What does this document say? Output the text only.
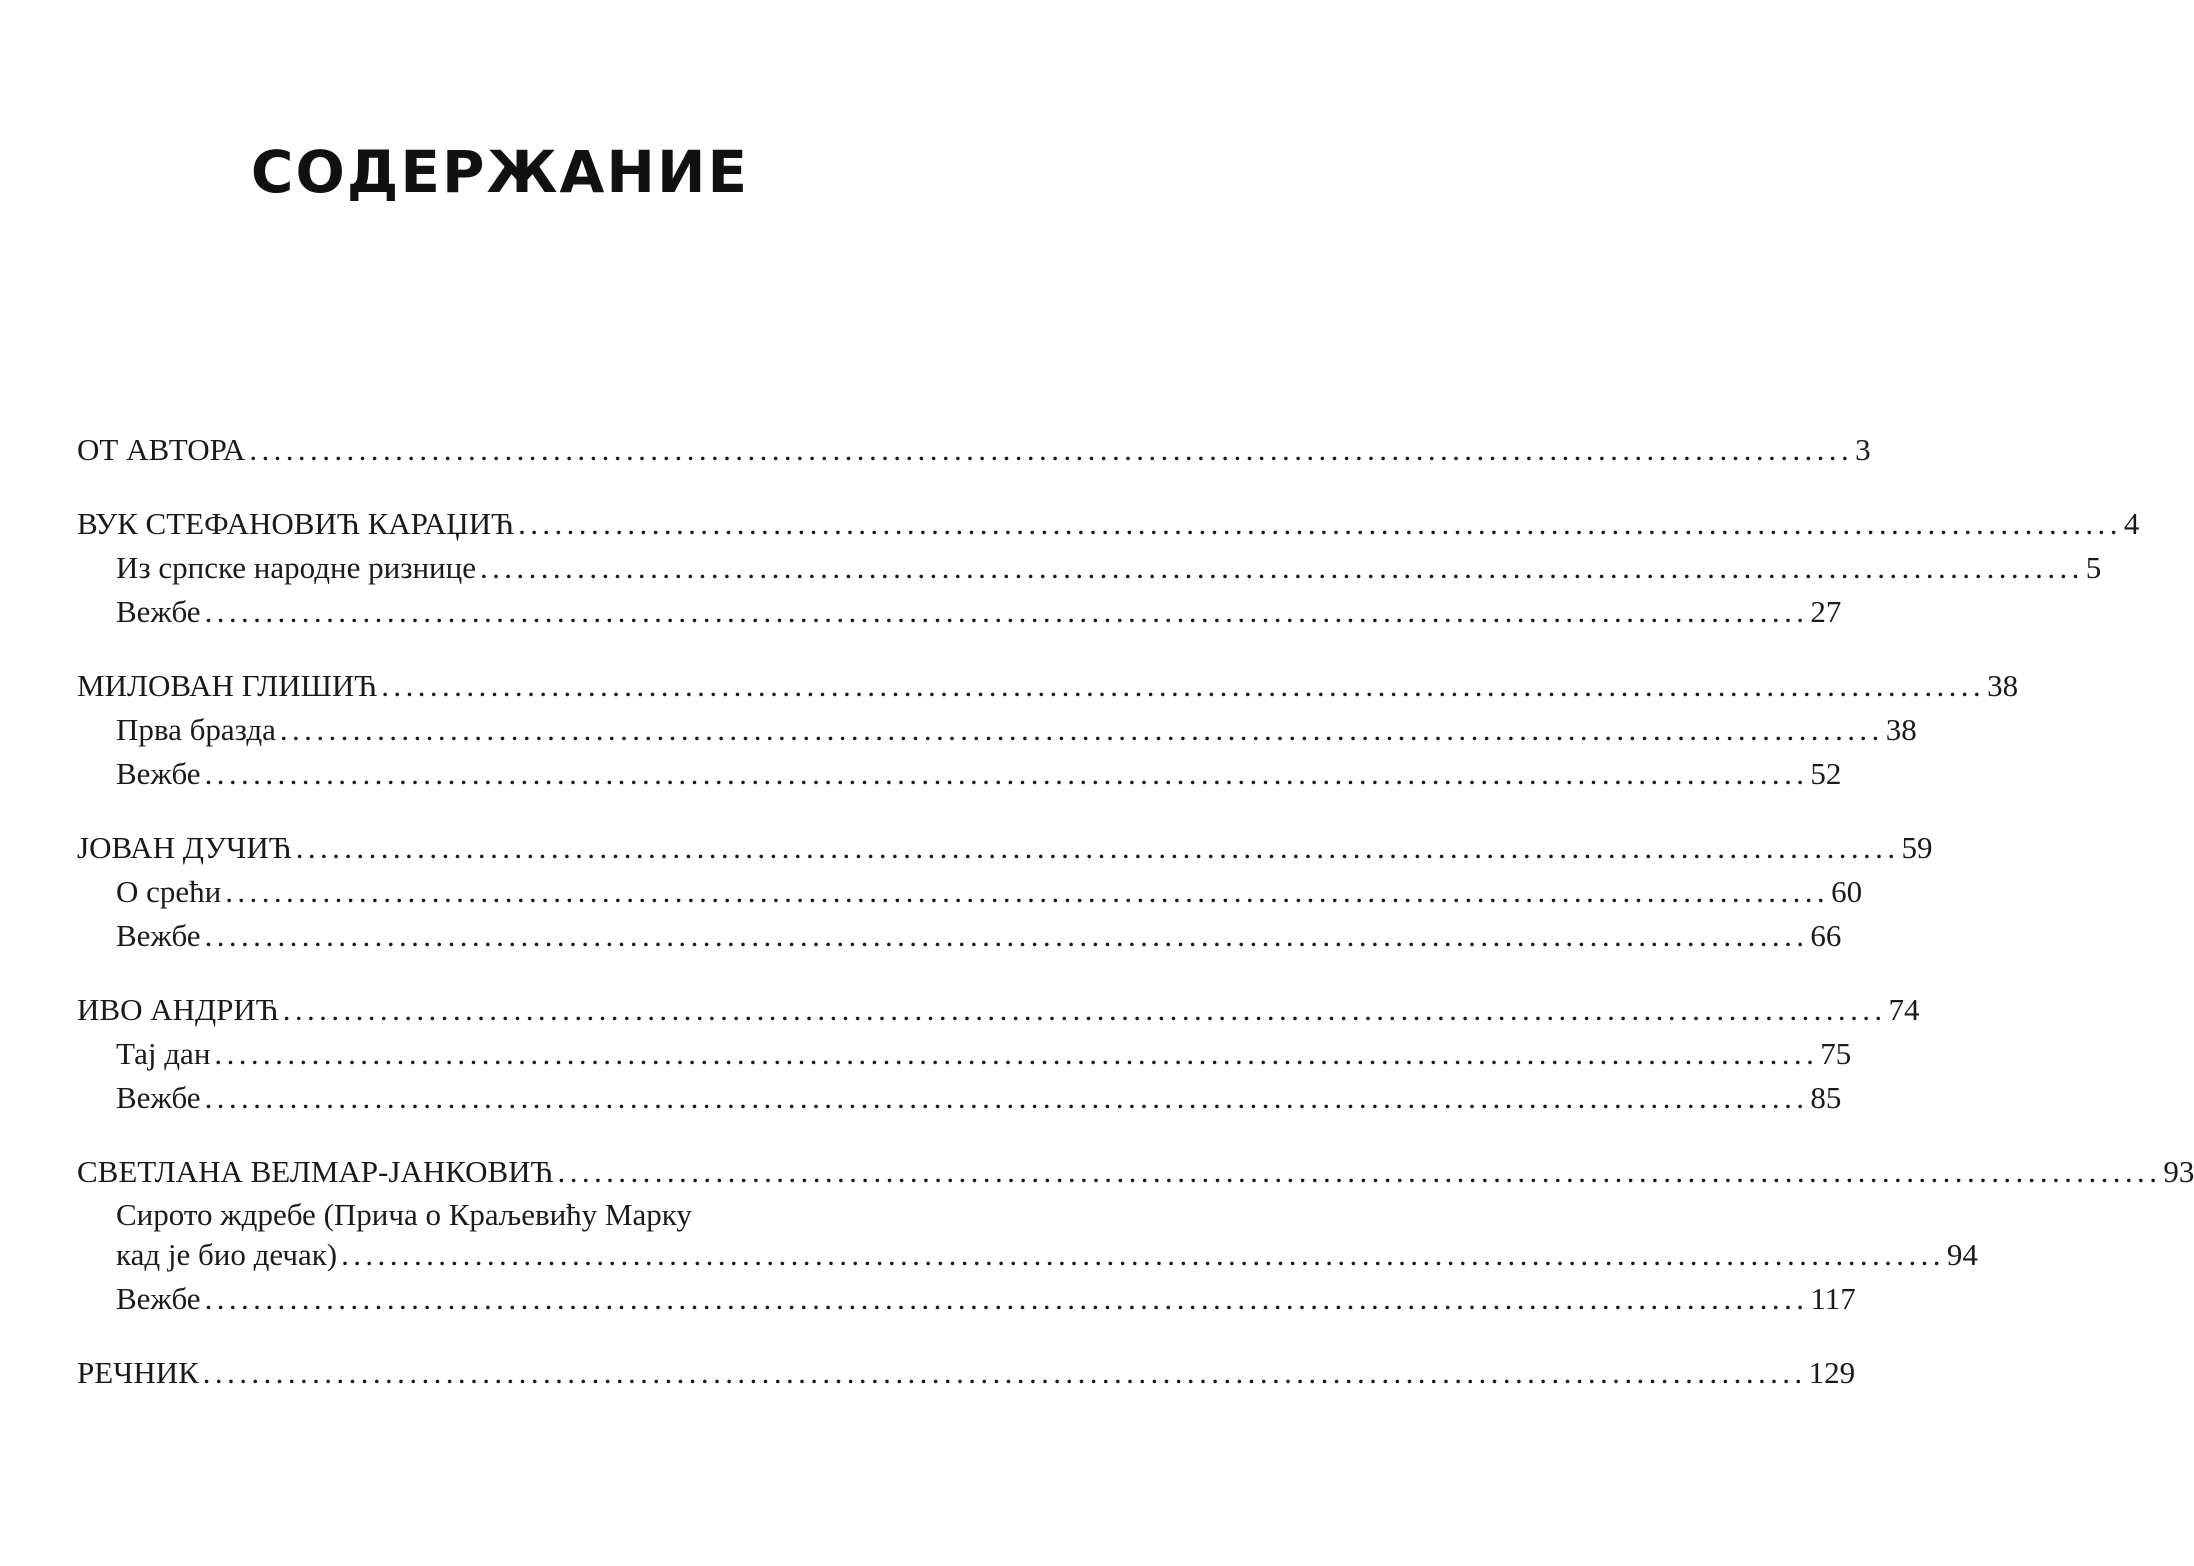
СОДЕРЖАНИЕ
ОТ АВТОРА .................................................................................................................................... 3
ВУК СТЕФАНОВИЋ КАРАЏИЋ .................................................................................................................................... 4
Из српске народне ризнице .................................................................................................................................... 5
Вежбе .................................................................................................................................... 27
МИЛОВАН ГЛИШИЋ .................................................................................................................................... 38
Прва бразда .................................................................................................................................... 38
Вежбе .................................................................................................................................... 52
ЈОВАН ДУЧИЋ .................................................................................................................................... 59
О срећи .................................................................................................................................... 60
Вежбе .................................................................................................................................... 66
ИВО АНДРИЋ .................................................................................................................................... 74
Тај дан .................................................................................................................................... 75
Вежбе .................................................................................................................................... 85
СВЕТЛАНА ВЕЛМАР-ЈАНКОВИЋ .................................................................................................................................... 93
Сирото ждребе (Прича о Краљевићу Марку
кад је био дечак) .................................................................................................................................... 94
Вежбе .................................................................................................................................... 117
РЕЧНИК .................................................................................................................................... 129
